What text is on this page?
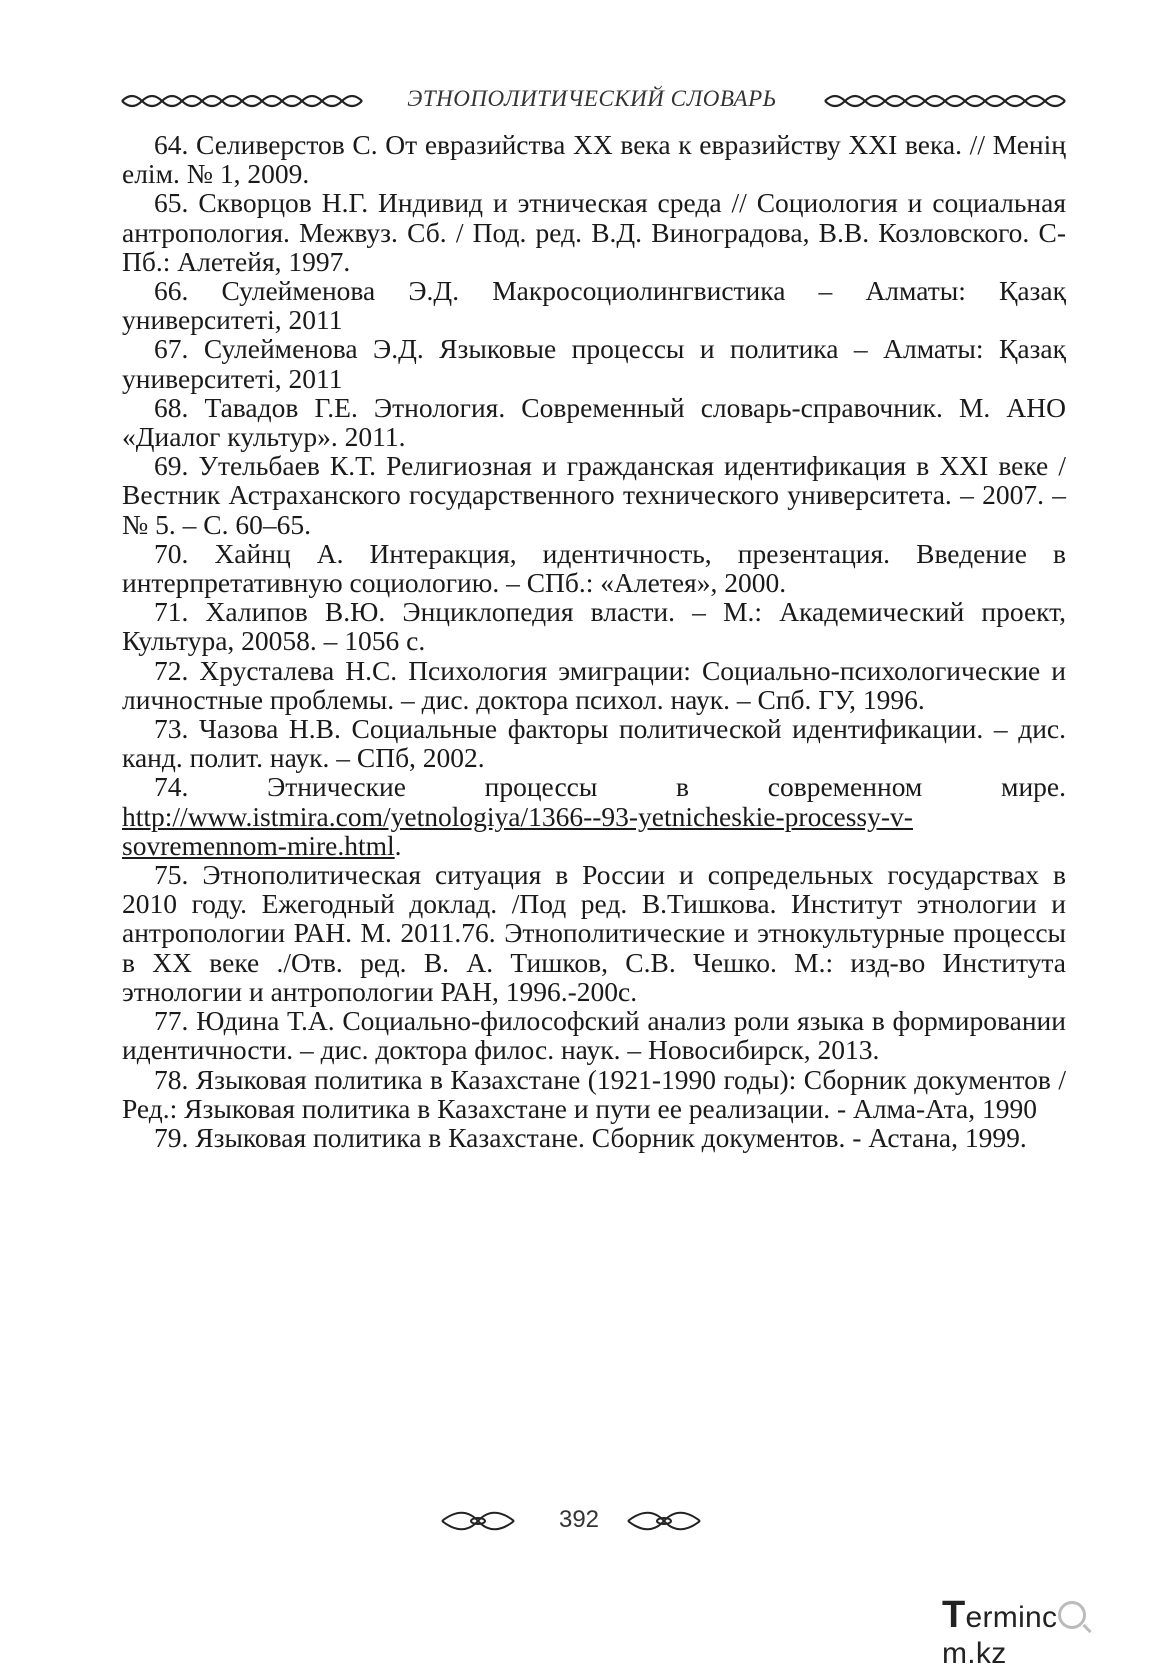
ЭТНОПОЛИТИЧЕСКИЙ СЛОВАРЬ

64. Селиверстов С. От евразийства XX века к евразийству XXI века. // Менің елім. № 1, 2009.

65. Скворцов Н.Г. Индивид и этническая среда // Социология и социальная антропология. Межвуз. Сб. / Под. ред. В.Д. Виноградова, В.В. Козловского. С-Пб.: Алетейя, 1997.

66. Сулейменова Э.Д. Макросоциолингвистика – Алматы: Қазақ университеті, 2011

67. Сулейменова Э.Д. Языковые процессы и политика – Алматы: Қазақ университеті, 2011

68. Тавадов Г.Е. Этнология. Современный словарь-справочник. М. АНО «Диалог культур». 2011.

69. Утельбаев К.Т. Религиозная и гражданская идентификация в XXI веке / Вестник Астраханского государственного технического университета. – 2007. – № 5. – С. 60–65.

70. Хайнц А. Интеракция, идентичность, презентация. Введение в интерпретативную социологию. – СПб.: «Алетея», 2000.

71. Халипов В.Ю. Энциклопедия власти. – М.: Академический проект, Культура, 20058. – 1056 с.

72. Хрусталева Н.С. Психология эмиграции: Социально-психологические и личностные проблемы. – дис. доктора психол. наук. – Спб. ГУ, 1996.

73. Чазова Н.В. Социальные факторы политической идентификации. – дис. канд. полит. наук. – СПб, 2002.

74. Этнические процессы в современном мире. http://www.istmira.com/yetnologiya/1366--93-yetnicheskie-processy-v-sovremennom-mire.html.

75. Этнополитическая ситуация в России и сопредельных государствах в 2010 году. Ежегодный доклад. /Под ред. В.Тишкова. Институт этнологии и антропологии РАН. М. 2011.76. Этнополитические и этнокультурные процессы в XX веке ./Отв. ред. В. А. Тишков, С.В. Чешко. М.: изд-во Института этнологии и антропологии РАН, 1996.-200с.

77. Юдина Т.А. Социально-философский анализ роли языка в формировании идентичности. – дис. доктора филос. наук. – Новосибирск, 2013.

78. Языковая политика в Казахстане (1921-1990 годы): Сборник документов / Ред.: Языковая политика в Казахстане и пути ее реализации. - Алма-Ата, 1990

79. Языковая политика в Казахстане. Сборник документов. - Астана, 1999.

392
Termincm.kz
